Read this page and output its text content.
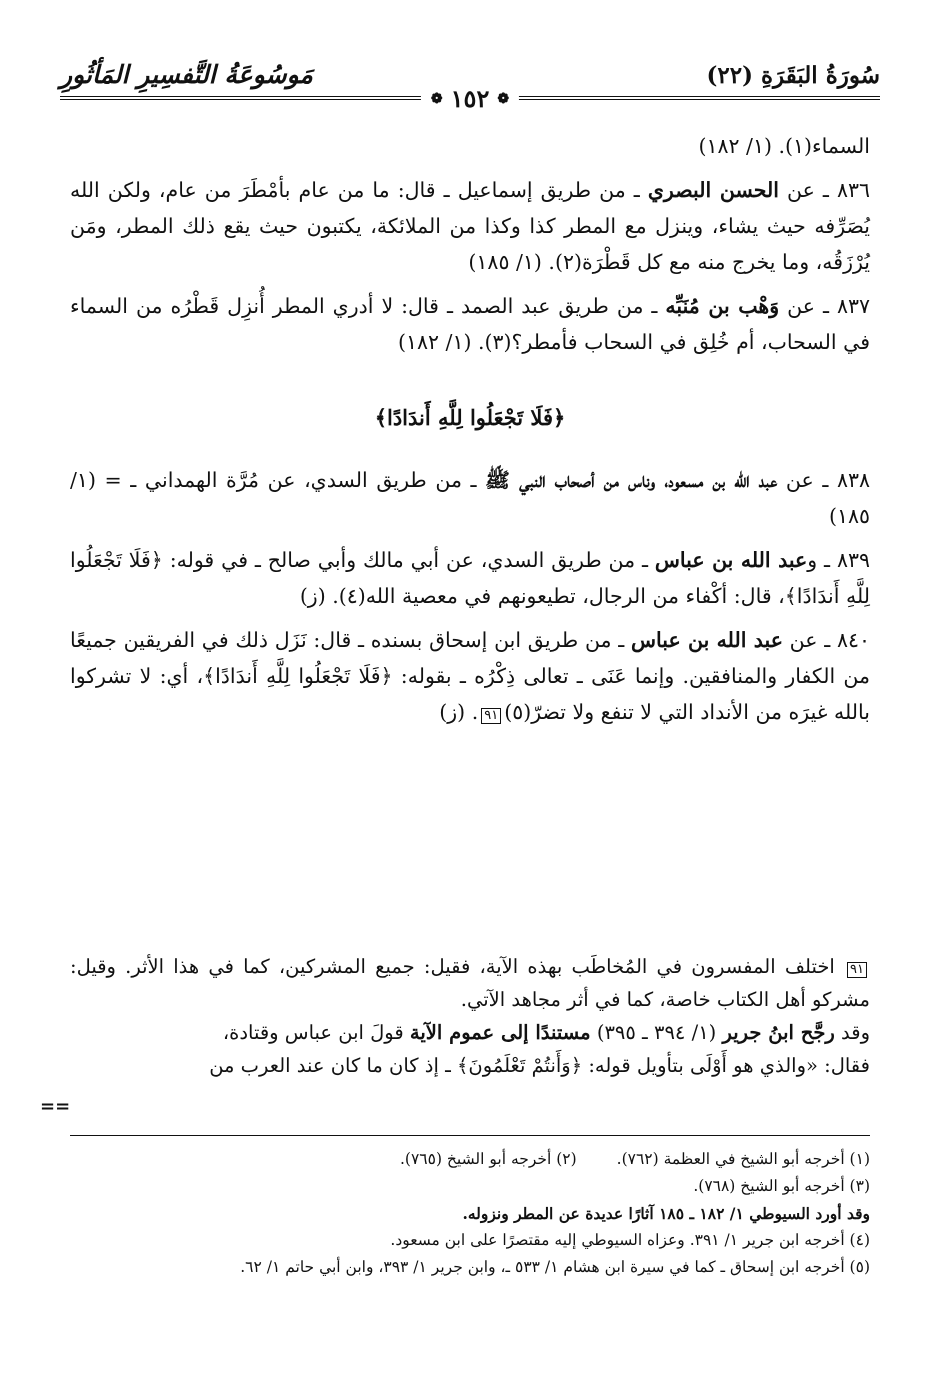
سُورَةُ البَقَرَةِ (٢٢)
مَوسُوعَةُ التَّفسِيرِ المَأثُورِ
❁
١٥٢
❁

السماء(١). (١/ ١٨٢)

٨٣٦ ـ عن الحسن البصري ـ من طريق إسماعيل ـ قال: ما من عام بأمْطَرَ من عام، ولكن الله يُصَرِّفه حيث يشاء، وينزل مع المطر كذا وكذا من الملائكة، يكتبون حيث يقع ذلك المطر، ومَن يُرْزَقُه، وما يخرج منه مع كل قَطْرَة(٢). (١/ ١٨٥)

٨٣٧ ـ عن وَهْب بن مُنَبِّه ـ من طريق عبد الصمد ـ قال: لا أدري المطر أُنزِل قَطْرُه من السماء في السحاب، أم خُلِق في السحاب فأمطر؟(٣). (١/ ١٨٢)

﴿فَلَا تَجْعَلُوا لِلَّهِ أَندَادًا﴾

٨٣٨ ـ عن عبد الله بن مسعود، وناس من أصحاب النبي ﷺ ـ من طريق السدي، عن مُرَّة الهمداني ـ = (١/ ١٨٥)

٨٣٩ ـ وعبد الله بن عباس ـ من طريق السدي، عن أبي مالك وأبي صالح ـ في قوله: ﴿فَلَا تَجْعَلُوا لِلَّهِ أَندَادًا﴾، قال: أكْفاء من الرجال، تطيعونهم في معصية الله(٤). (ز)

٨٤٠ ـ عن عبد الله بن عباس ـ من طريق ابن إسحاق بسنده ـ قال: نَزَل ذلك في الفريقين جميعًا من الكفار والمنافقين. وإنما عَنَى ـ تعالى ذِكْرُه ـ بقوله: ﴿فَلَا تَجْعَلُوا لِلَّهِ أَندَادًا﴾، أي: لا تشركوا بالله غيرَه من الأنداد التي لا تنفع ولا تضرّ(٥)٩١. (ز)

٩١ اختلف المفسرون في المُخاطَب بهذه الآية، فقيل: جميع المشركين، كما في هذا الأثر. وقيل: مشركو أهل الكتاب خاصة، كما في أثر مجاهد الآتي.
وقد رجَّح ابنُ جرير (١/ ٣٩٤ ـ ٣٩٥) مستندًا إلى عموم الآية قولَ ابن عباس وقتادة،
فقال: «والذي هو أَوْلَى بتأويل قوله: ﴿وَأَنتُمْ تَعْلَمُونَ﴾ ـ إذ كان ما كان عند العرب من
==
(١) أخرجه أبو الشيخ في العظمة (٧٦٢).
(٢) أخرجه أبو الشيخ (٧٦٥).
(٣) أخرجه أبو الشيخ (٧٦٨).
وقد أورد السيوطي ١/ ١٨٢ ـ ١٨٥ آثارًا عديدة عن المطر ونزوله.
(٤) أخرجه ابن جرير ١/ ٣٩١. وعزاه السيوطي إليه مقتصرًا على ابن مسعود.
(٥) أخرجه ابن إسحاق ـ كما في سيرة ابن هشام ١/ ٥٣٣ ـ، وابن جرير ١/ ٣٩٣، وابن أبي حاتم ١/ ٦٢.
